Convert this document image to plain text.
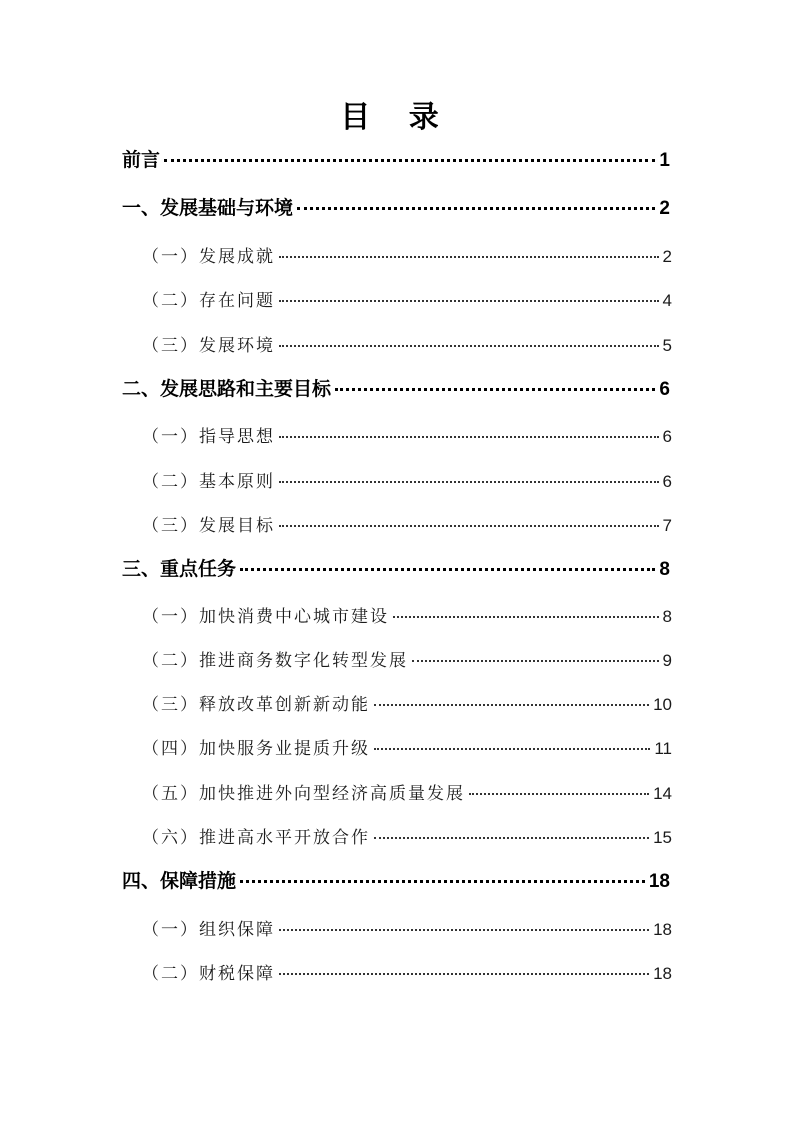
目 录
前言	1
一、发展基础与环境	2
（一）发展成就	2
（二）存在问题	4
（三）发展环境	5
二、发展思路和主要目标	6
（一）指导思想	6
（二）基本原则	6
（三）发展目标	7
三、重点任务	8
（一）加快消费中心城市建设	8
（二）推进商务数字化转型发展	9
（三）释放改革创新新动能	10
（四）加快服务业提质升级	11
（五）加快推进外向型经济高质量发展	14
（六）推进高水平开放合作	15
四、保障措施	18
（一）组织保障	18
（二）财税保障	18
